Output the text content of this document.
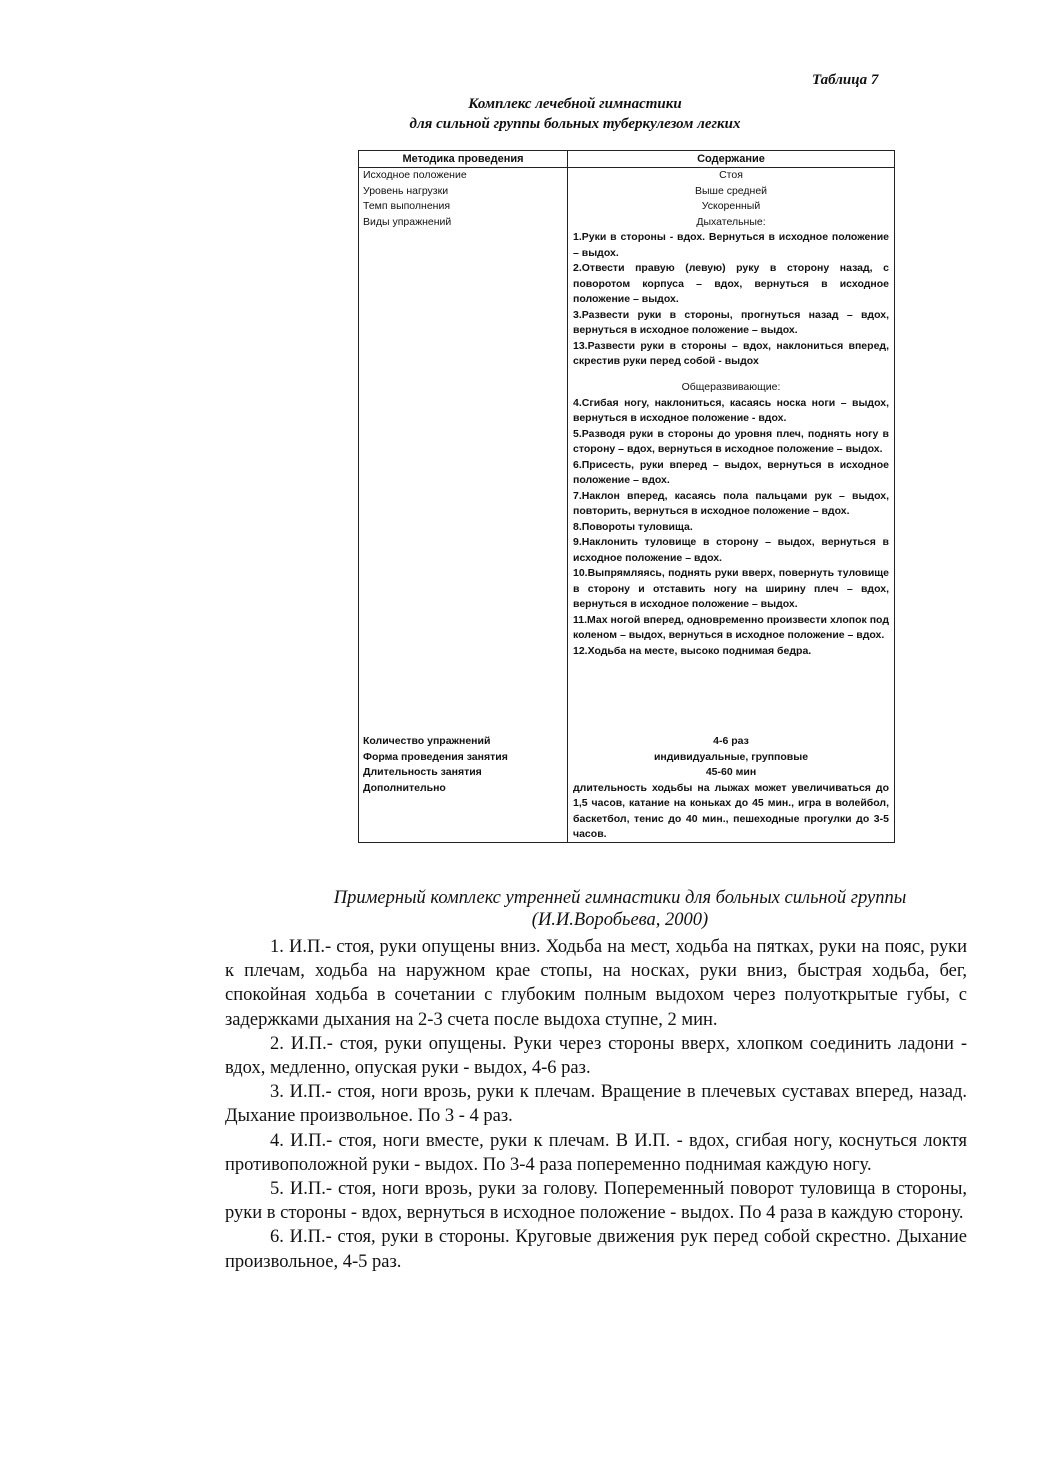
Таблица 7
Комплекс лечебной гимнастики
для сильной группы больных туберкулезом легких
Методика проведения	Содержание
Исходное положение
Уровень нагрузки
Темп выполнения
Виды упражнений
Стоя
Выше средней
Ускоренный
Дыхательные:
1.Руки в стороны - вдох. Вернуться в исходное положение – выдох.
2.Отвести правую (левую) руку в сторону назад, с поворотом корпуса – вдох, вернуться в исходное положение – выдох.
3.Развести руки в стороны, прогнуться назад – вдох, вернуться в исходное положение – выдох.
13.Развести руки в стороны – вдох, наклониться вперед, скрестив руки перед собой - выдох
Общеразвивающие:
4.Сгибая ногу, наклониться, касаясь носка ноги – выдох, вернуться в исходное положение - вдох.
5.Разводя руки в стороны до уровня плеч, поднять ногу в сторону – вдох, вернуться в исходное положение – выдох.
6.Присесть, руки вперед – выдох, вернуться в исходное положение – вдох.
7.Наклон вперед, касаясь пола пальцами рук – выдох, повторить, вернуться в исходное положение – вдох.
8.Повороты туловища.
9.Наклонить туловище в сторону – выдох, вернуться в исходное положение – вдох.
10.Выпрямляясь, поднять руки вверх, повернуть туловище в сторону и отставить ногу на ширину плеч – вдох, вернуться в исходное положение – выдох.
11.Мах ногой вперед, одновременно произвести хлопок под коленом – выдох, вернуться в исходное положение – вдох.
12.Ходьба на месте, высоко поднимая бедра.
Количество упражнений
Форма проведения занятия
Длительность занятия
Дополнительно
4-6 раз
индивидуальные, групповые
45-60 мин
длительность ходьбы на лыжах может увеличиваться до 1,5 часов, катание на коньках до 45 мин., игра в волейбол, баскетбол, тенис до 40 мин., пешеходные прогулки до 3-5 часов.
Примерный комплекс утренней гимнастики для больных сильной группы
(И.И.Воробьева, 2000)

1. И.П.- стоя, руки опущены вниз. Ходьба на мест, ходьба на пятках, руки на пояс, руки к плечам, ходьба на наружном крае стопы, на носках, руки вниз, быстрая ходьба, бег, спокойная ходьба в сочетании с глубоким полным выдохом через полуоткрытые губы, с задержками дыхания на 2-3 счета после выдоха ступне, 2 мин.

2. И.П.- стоя, руки опущены. Руки через стороны вверх, хлопком соединить ладони - вдох, медленно, опуская руки - выдох, 4-6 раз.

3. И.П.- стоя, ноги врозь, руки к плечам. Вращение в плечевых суставах вперед, назад. Дыхание произвольное. По 3 - 4 раз.

4. И.П.- стоя, ноги вместе, руки к плечам. В И.П. - вдох, сгибая ногу, коснуться локтя противоположной руки - выдох. По 3-4 раза попеременно поднимая каждую ногу.

5. И.П.- стоя, ноги врозь, руки за голову. Попеременный поворот туловища в стороны, руки в стороны - вдох, вернуться в исходное положение - выдох. По 4 раза в каждую сторону.

6. И.П.- стоя, руки в стороны. Круговые движения рук перед собой скрестно. Дыхание произвольное, 4-5 раз.
